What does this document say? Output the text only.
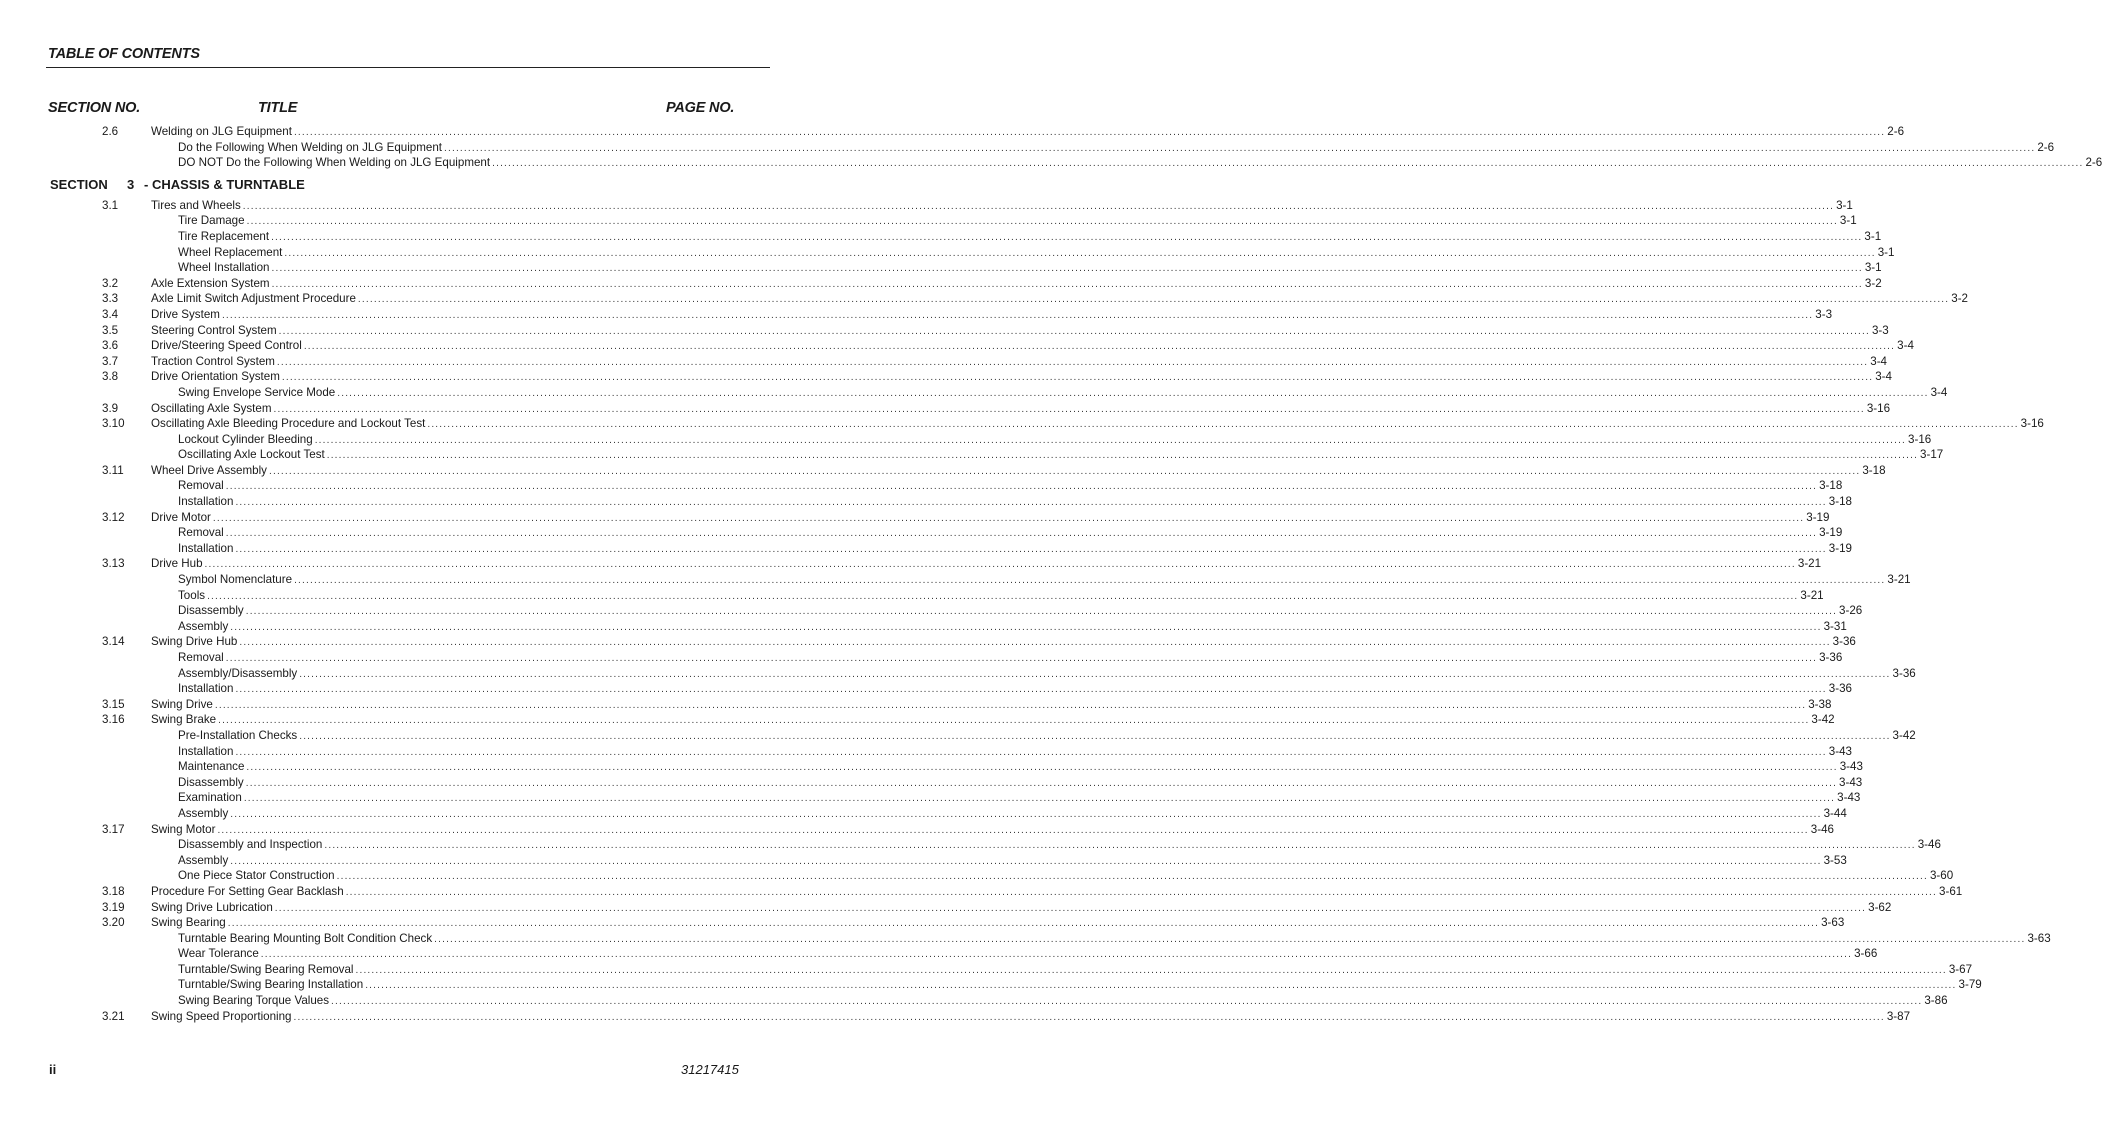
TABLE OF CONTENTS
SECTION NO.	TITLE	PAGE NO.
2.6	Welding on JLG Equipment ................................................................................................................................................................................................................................................................................................................................................................................................................ 2-6
Do the Following When Welding on JLG Equipment ................................................................................................................................................................................................................................................................................................................................................................................................................ 2-6
DO NOT Do the Following When Welding on JLG Equipment ................................................................................................................................................................................................................................................................................................................................................................................................................ 2-6
SECTION 3 - CHASSIS & TURNTABLE
3.1	Tires and Wheels ................................................................................................................................................................................................................................................................................................................................................................................................................ 3-1
Tire Damage ................................................................................................................................................................................................................................................................................................................................................................................................................ 3-1
Tire Replacement ................................................................................................................................................................................................................................................................................................................................................................................................................ 3-1
Wheel Replacement ................................................................................................................................................................................................................................................................................................................................................................................................................ 3-1
Wheel Installation ................................................................................................................................................................................................................................................................................................................................................................................................................ 3-1
3.2	Axle Extension System ................................................................................................................................................................................................................................................................................................................................................................................................................ 3-2
3.3	Axle Limit Switch Adjustment Procedure ................................................................................................................................................................................................................................................................................................................................................................................................................ 3-2
3.4	Drive System ................................................................................................................................................................................................................................................................................................................................................................................................................ 3-3
3.5	Steering Control System ................................................................................................................................................................................................................................................................................................................................................................................................................ 3-3
3.6	Drive/Steering Speed Control ................................................................................................................................................................................................................................................................................................................................................................................................................ 3-4
3.7	Traction Control System ................................................................................................................................................................................................................................................................................................................................................................................................................ 3-4
3.8	Drive Orientation System ................................................................................................................................................................................................................................................................................................................................................................................................................ 3-4
Swing Envelope Service Mode ................................................................................................................................................................................................................................................................................................................................................................................................................ 3-4
3.9	Oscillating Axle System ................................................................................................................................................................................................................................................................................................................................................................................................................ 3-16
3.10 Oscillating Axle Bleeding Procedure and Lockout Test ................................................................................................................................................................................................................................................................................................................................................................................................................ 3-16
Lockout Cylinder Bleeding ................................................................................................................................................................................................................................................................................................................................................................................................................ 3-16
Oscillating Axle Lockout Test ................................................................................................................................................................................................................................................................................................................................................................................................................ 3-17
3.11 Wheel Drive Assembly ................................................................................................................................................................................................................................................................................................................................................................................................................ 3-18
Removal ................................................................................................................................................................................................................................................................................................................................................................................................................ 3-18
Installation ................................................................................................................................................................................................................................................................................................................................................................................................................ 3-18
3.12 Drive Motor ................................................................................................................................................................................................................................................................................................................................................................................................................ 3-19
Removal ................................................................................................................................................................................................................................................................................................................................................................................................................ 3-19
Installation ................................................................................................................................................................................................................................................................................................................................................................................................................ 3-19
3.13 Drive Hub ................................................................................................................................................................................................................................................................................................................................................................................................................ 3-21
Symbol Nomenclature ................................................................................................................................................................................................................................................................................................................................................................................................................ 3-21
Tools ................................................................................................................................................................................................................................................................................................................................................................................................................ 3-21
Disassembly ................................................................................................................................................................................................................................................................................................................................................................................................................ 3-26
Assembly ................................................................................................................................................................................................................................................................................................................................................................................................................ 3-31
3.14 Swing Drive Hub ................................................................................................................................................................................................................................................................................................................................................................................................................ 3-36
Removal ................................................................................................................................................................................................................................................................................................................................................................................................................ 3-36
Assembly/Disassembly ................................................................................................................................................................................................................................................................................................................................................................................................................ 3-36
Installation ................................................................................................................................................................................................................................................................................................................................................................................................................ 3-36
3.15 Swing Drive ................................................................................................................................................................................................................................................................................................................................................................................................................ 3-38
3.16 Swing Brake ................................................................................................................................................................................................................................................................................................................................................................................................................ 3-42
Pre-Installation Checks ................................................................................................................................................................................................................................................................................................................................................................................................................ 3-42
Installation ................................................................................................................................................................................................................................................................................................................................................................................................................ 3-43
Maintenance ................................................................................................................................................................................................................................................................................................................................................................................................................ 3-43
Disassembly ................................................................................................................................................................................................................................................................................................................................................................................................................ 3-43
Examination ................................................................................................................................................................................................................................................................................................................................................................................................................ 3-43
Assembly ................................................................................................................................................................................................................................................................................................................................................................................................................ 3-44
3.17 Swing Motor ................................................................................................................................................................................................................................................................................................................................................................................................................ 3-46
Disassembly and Inspection ................................................................................................................................................................................................................................................................................................................................................................................................................ 3-46
Assembly ................................................................................................................................................................................................................................................................................................................................................................................................................ 3-53
One Piece Stator Construction ................................................................................................................................................................................................................................................................................................................................................................................................................ 3-60
3.18 Procedure For Setting Gear Backlash ................................................................................................................................................................................................................................................................................................................................................................................................................ 3-61
3.19 Swing Drive Lubrication ................................................................................................................................................................................................................................................................................................................................................................................................................ 3-62
3.20 Swing Bearing ................................................................................................................................................................................................................................................................................................................................................................................................................ 3-63
Turntable Bearing Mounting Bolt Condition Check ................................................................................................................................................................................................................................................................................................................................................................................................................ 3-63
Wear Tolerance ................................................................................................................................................................................................................................................................................................................................................................................................................ 3-66
Turntable/Swing Bearing Removal ................................................................................................................................................................................................................................................................................................................................................................................................................ 3-67
Turntable/Swing Bearing Installation ................................................................................................................................................................................................................................................................................................................................................................................................................ 3-79
Swing Bearing Torque Values ................................................................................................................................................................................................................................................................................................................................................................................................................ 3-86
3.21 Swing Speed Proportioning ................................................................................................................................................................................................................................................................................................................................................................................................................ 3-87
ii	31217415
